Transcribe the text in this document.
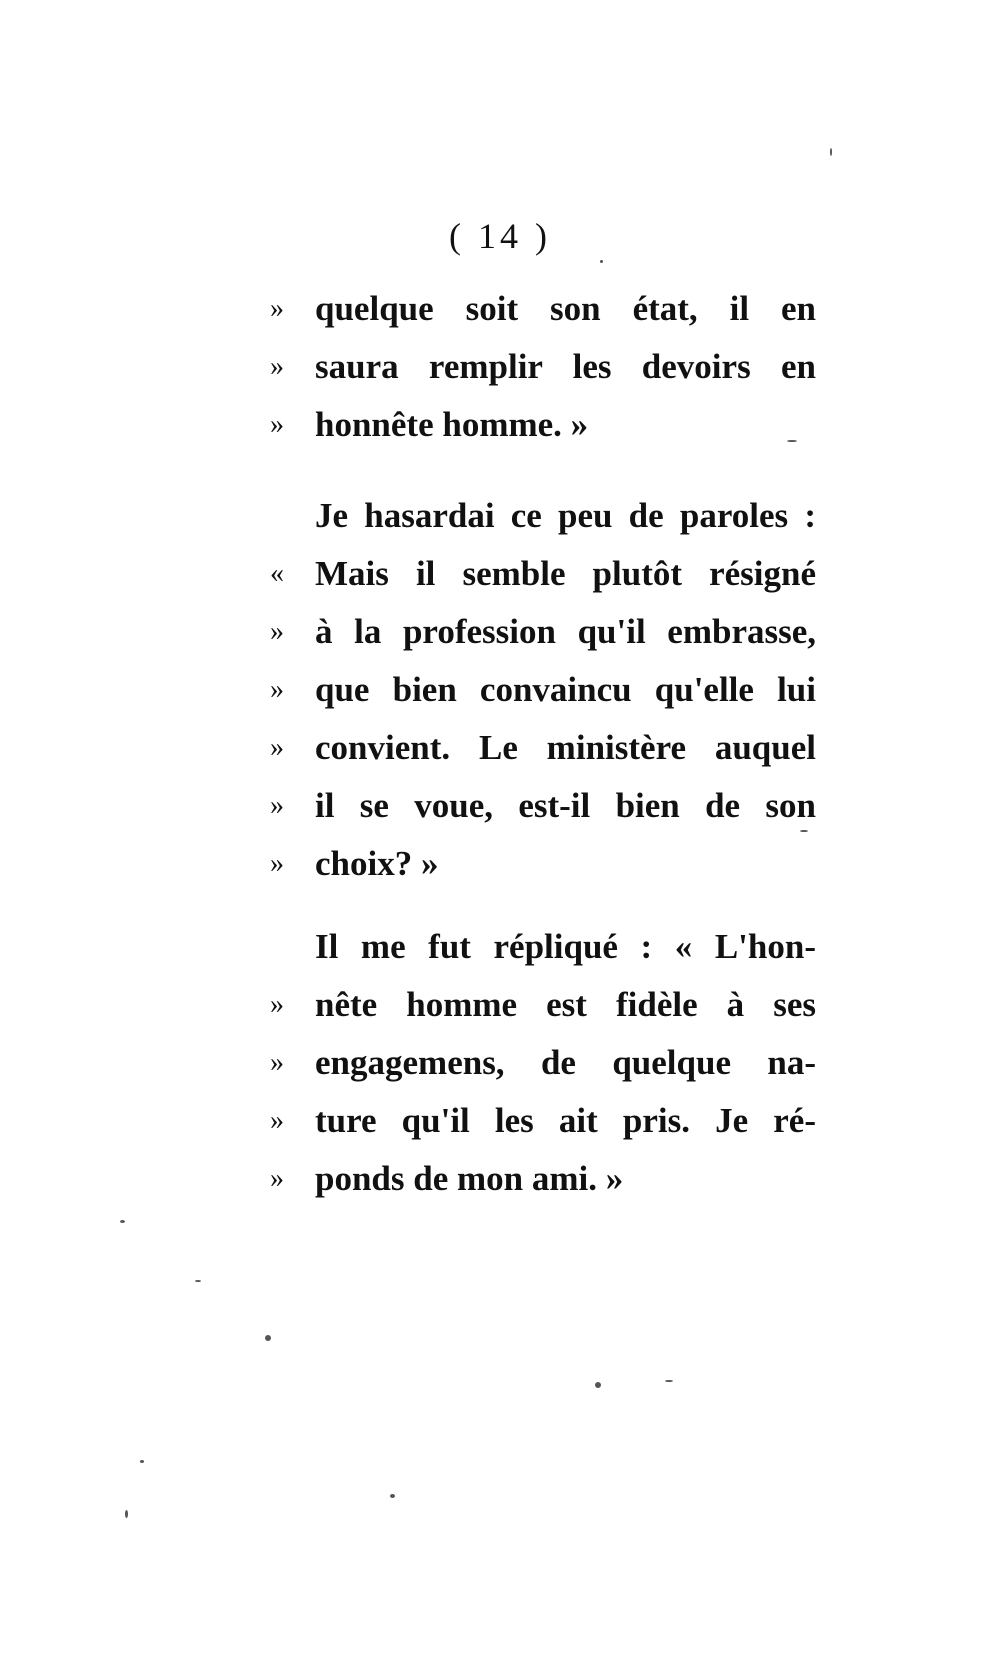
( 14 )
» quelque soit son état, il en
» saura remplir les devoirs en
» honnête homme. »
Je hasardai ce peu de paroles :
« Mais il semble plutôt résigné
» à la profession qu'il embrasse,
» que bien convaincu qu'elle lui
» convient. Le ministère auquel
» il se voue, est-il bien de son
» choix? »
Il me fut répliqué : « L'hon-
» nête homme est fidèle à ses
» engagemens, de quelque na-
» ture qu'il les ait pris. Je ré-
» ponds de mon ami. »
